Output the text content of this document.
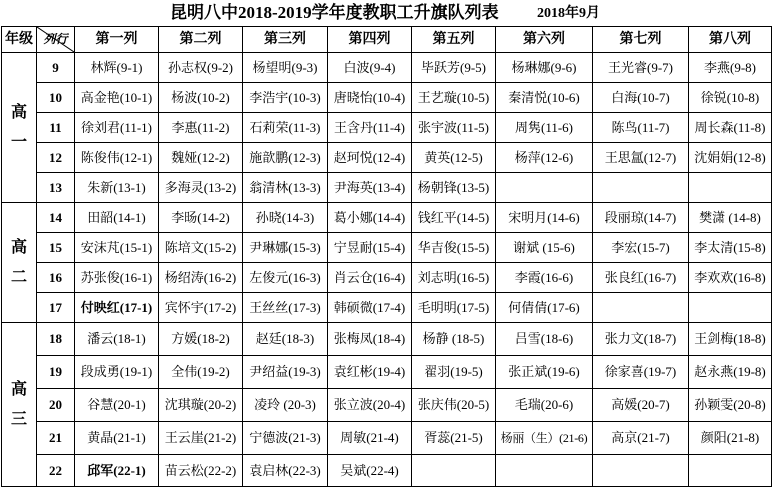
昆明八中2018-2019学年度教职工升旗队列表	2018年9月
年级	列行	第一列	第二列	第三列	第四列	第五列	第六列	第七列	第八列
高一	9	林辉(9-1)	孙志权(9-2)	杨望明(9-3)	白波(9-4)	毕跃芳(9-5)	杨琳娜(9-6)	王光睿(9-7)	李燕(9-8)
	10	高金艳(10-1)	杨波(10-2)	李浩宇(10-3)	唐晓怡(10-4)	王艺璇(10-5)	秦清悦(10-6)	白海(10-7)	徐锐(10-8)
	11	徐刘君(11-1)	李惠(11-2)	石莉荣(11-3)	王含丹(11-4)	张宇波(11-5)	周隽(11-6)	陈鸟(11-7)	周长森(11-8)
	12	陈俊伟(12-1)	魏娅(12-2)	施歆鹏(12-3)	赵珂悦(12-4)	黄英(12-5)	杨萍(12-6)	王思氲(12-7)	沈娟娟(12-8)
	13	朱新(13-1)	多海灵(13-2)	翁清林(13-3)	尹海英(13-4)	杨朝锋(13-5)			
高二	14	田韶(14-1)	李旸(14-2)	孙晓(14-3)	葛小娜(14-4)	钱红平(14-5)	宋明月(14-6)	段丽琼(14-7)	樊潇 (14-8)
	15	安沫芃(15-1)	陈培文(15-2)	尹琳娜(15-3)	宁昱耐(15-4)	华吉俊(15-5)	谢斌 (15-6)	李宏(15-7)	李太清(15-8)
	16	苏张俊(16-1)	杨绍涛(16-2)	左俊元(16-3)	肖云仓(16-4)	刘志明(16-5)	李霞(16-6)	张良红(16-7)	李欢欢(16-8)
	17	付映红(17-1)	宾怀宇(17-2)	王丝丝(17-3)	韩硕微(17-4)	毛明明(17-5)	何倩倩(17-6)		
高三	18	潘云(18-1)	方媛(18-2)	赵廷(18-3)	张梅凤(18-4)	杨静 (18-5)	吕雪(18-6)	张力文(18-7)	王剑梅(18-8)
	19	段成勇(19-1)	全伟(19-2)	尹绍益(19-3)	袁红彬(19-4)	翟羽(19-5)	张正斌(19-6)	徐家喜(19-7)	赵永燕(19-8)
	20	谷慧(20-1)	沈琪璇(20-2)	凌玲 (20-3)	张立波(20-4)	张庆伟(20-5)	毛瑞(20-6)	高媛(20-7)	孙颖雯(20-8)
	21	黄晶(21-1)	王云崖(21-2)	宁德波(21-3)	周敏(21-4)	胥蕊(21-5)	杨丽（生）(21-6)	高京(21-7)	颜阳(21-8)
	22	邱军(22-1)	苗云松(22-2)	袁启林(22-3)	吴斌(22-4)				
